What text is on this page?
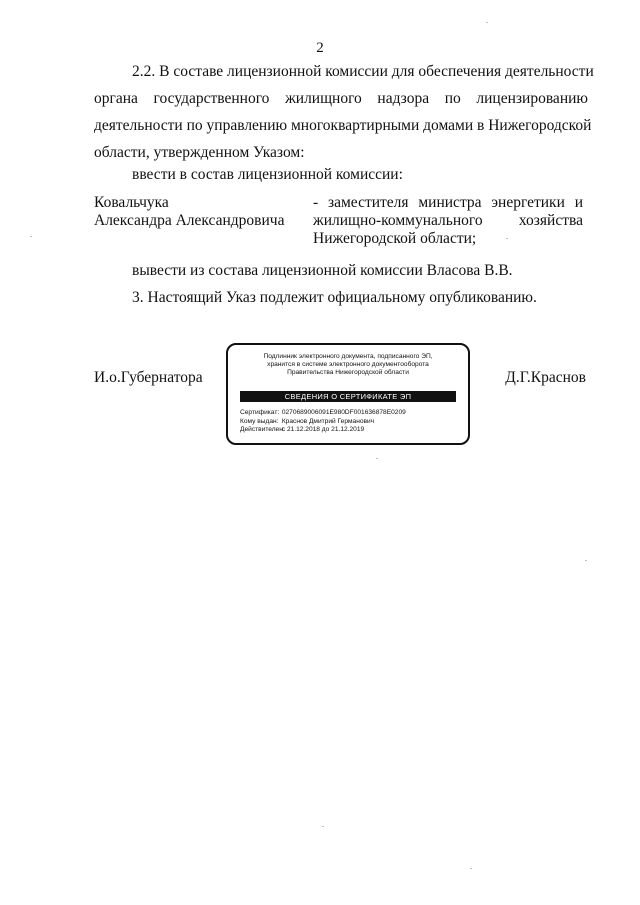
2
2.2. В составе лицензионной комиссии для обеспечения деятельности
органа государственного жилищного надзора по лицензированию
деятельности по управлению многоквартирными домами в Нижегородской
области, утвержденном Указом:
ввести в состав лицензионной комиссии:
Ковальчука
Александра Александровича
- заместителя министра энергетики и
жилищно-коммунального хозяйства
Нижегородской области;
вывести из состава лицензионной комиссии Власова В.В.
3. Настоящий Указ подлежит официальному опубликованию.
И.о.Губернатора	Д.Г.Краснов
Подлинник электронного документа, подписанного ЭП,
хранится в системе электронного документооборота
Правительства Нижегородской области
СВЕДЕНИЯ О СЕРТИФИКАТЕ ЭП
Сертификат: 0270689006091E980DF001636878E0209
Кому выдан: Краснов Дмитрий Германович
Действителен: с 21.12.2018 до 21.12.2019
